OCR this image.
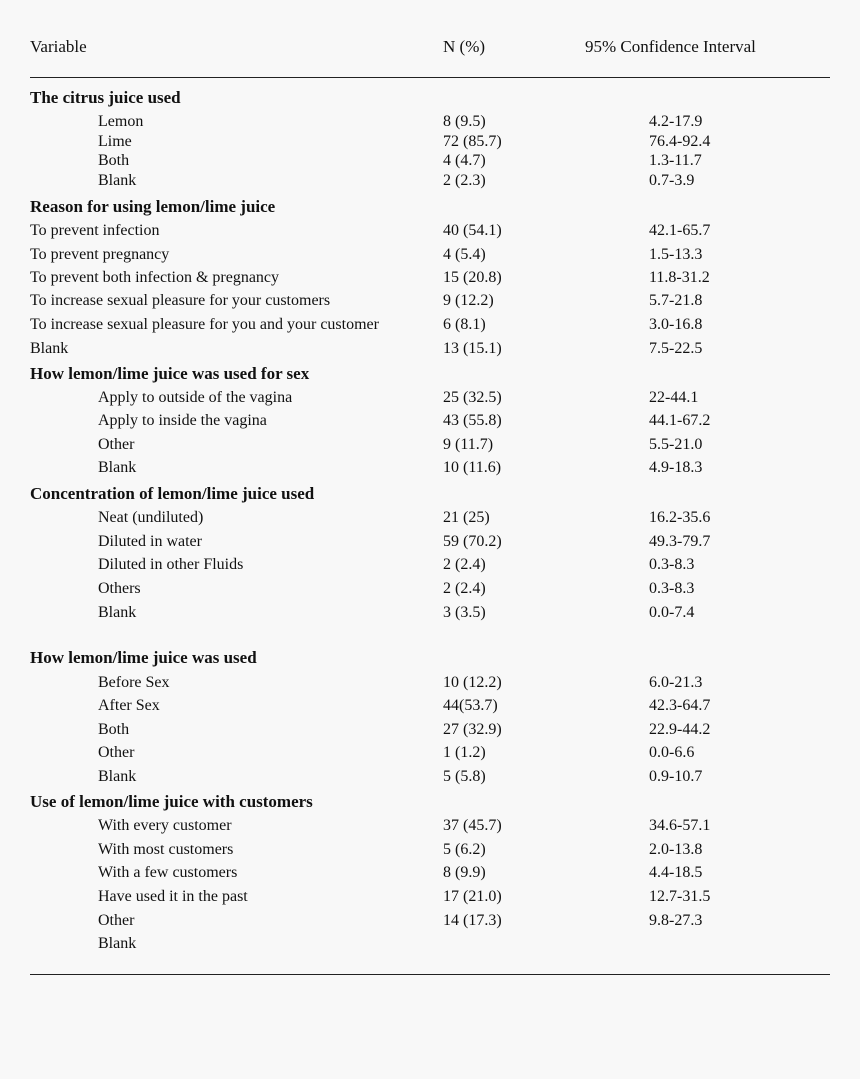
Variable	N (%)	95% Confidence Interval
The citrus juice used
Lemon	8 (9.5)	4.2-17.9
Lime	72 (85.7)	76.4-92.4
Both	4 (4.7)	1.3-11.7
Blank	2 (2.3)	0.7-3.9
Reason for using lemon/lime juice
To prevent infection	40 (54.1)	42.1-65.7
To prevent pregnancy	4 (5.4)	1.5-13.3
To prevent both infection & pregnancy	15 (20.8)	11.8-31.2
To increase sexual pleasure for your customers	9 (12.2)	5.7-21.8
To increase sexual pleasure for you and your customer	6 (8.1)	3.0-16.8
Blank	13 (15.1)	7.5-22.5
How lemon/lime juice was used for sex
Apply to outside of the vagina	25 (32.5)	22-44.1
Apply to inside the vagina	43 (55.8)	44.1-67.2
Other	9 (11.7)	5.5-21.0
Blank	10 (11.6)	4.9-18.3
Concentration of lemon/lime juice used
Neat (undiluted)	21 (25)	16.2-35.6
Diluted in water	59 (70.2)	49.3-79.7
Diluted in other Fluids	2 (2.4)	0.3-8.3
Others	2 (2.4)	0.3-8.3
Blank	3 (3.5)	0.0-7.4
How lemon/lime juice was used
Before Sex	10 (12.2)	6.0-21.3
After Sex	44(53.7)	42.3-64.7
Both	27 (32.9)	22.9-44.2
Other	1 (1.2)	0.0-6.6
Blank	5 (5.8)	0.9-10.7
Use of lemon/lime juice with customers
With every customer	37 (45.7)	34.6-57.1
With most customers	5 (6.2)	2.0-13.8
With a few customers	8 (9.9)	4.4-18.5
Have used it in the past	17 (21.0)	12.7-31.5
Other	14 (17.3)	9.8-27.3
Blank
